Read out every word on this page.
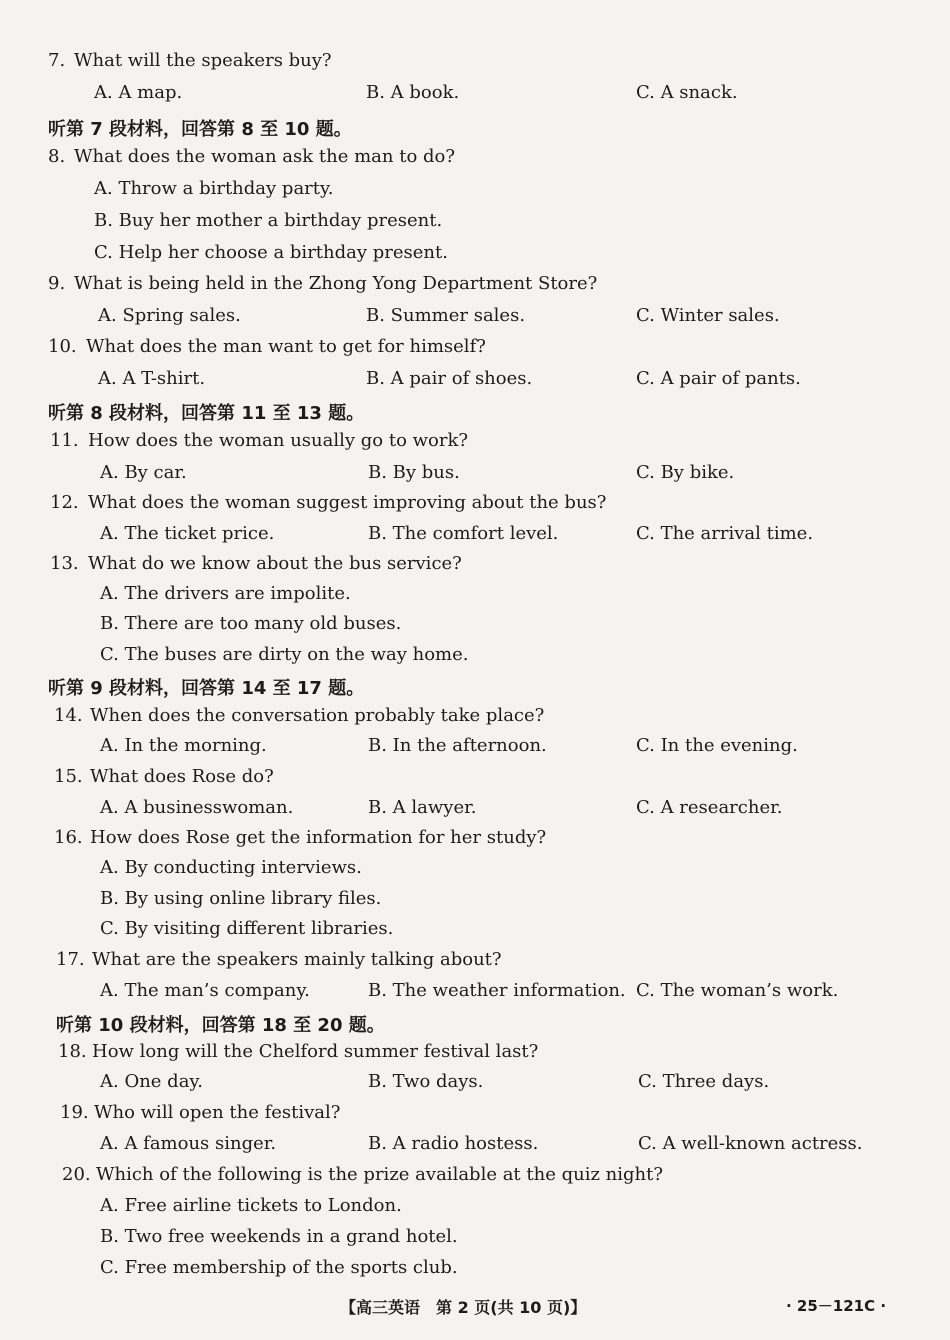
7. What will the speakers buy?
A. A map.	B. A book.	C. A snack.
听第 7 段材料，回答第 8 至 10 题。
8. What does the woman ask the man to do?
A. Throw a birthday party.
B. Buy her mother a birthday present.
C. Help her choose a birthday present.
9. What is being held in the Zhong Yong Department Store?
A. Spring sales.	B. Summer sales.	C. Winter sales.
10. What does the man want to get for himself?
A. A T-shirt.	B. A pair of shoes.	C. A pair of pants.
听第 8 段材料，回答第 11 至 13 题。
11. How does the woman usually go to work?
A. By car.	B. By bus.	C. By bike.
12. What does the woman suggest improving about the bus?
A. The ticket price.	B. The comfort level.	C. The arrival time.
13. What do we know about the bus service?
A. The drivers are impolite.
B. There are too many old buses.
C. The buses are dirty on the way home.
听第 9 段材料，回答第 14 至 17 题。
14. When does the conversation probably take place?
A. In the morning.	B. In the afternoon.	C. In the evening.
15. What does Rose do?
A. A businesswoman.	B. A lawyer.	C. A researcher.
16. How does Rose get the information for her study?
A. By conducting interviews.
B. By using online library files.
C. By visiting different libraries.
17. What are the speakers mainly talking about?
A. The man’s company.	B. The weather information. C. The woman’s work.
听第 10 段材料，回答第 18 至 20 题。
18. How long will the Chelford summer festival last?
A. One day.	B. Two days.	C. Three days.
19. Who will open the festival?
A. A famous singer.	B. A radio hostess.	C. A well-known actress.
20. Which of the following is the prize available at the quiz night?
A. Free airline tickets to London.
B. Two free weekends in a grand hotel.
C. Free membership of the sports club.
【高三英语　第 2 页(共 10 页)】	· 25－121C ·
